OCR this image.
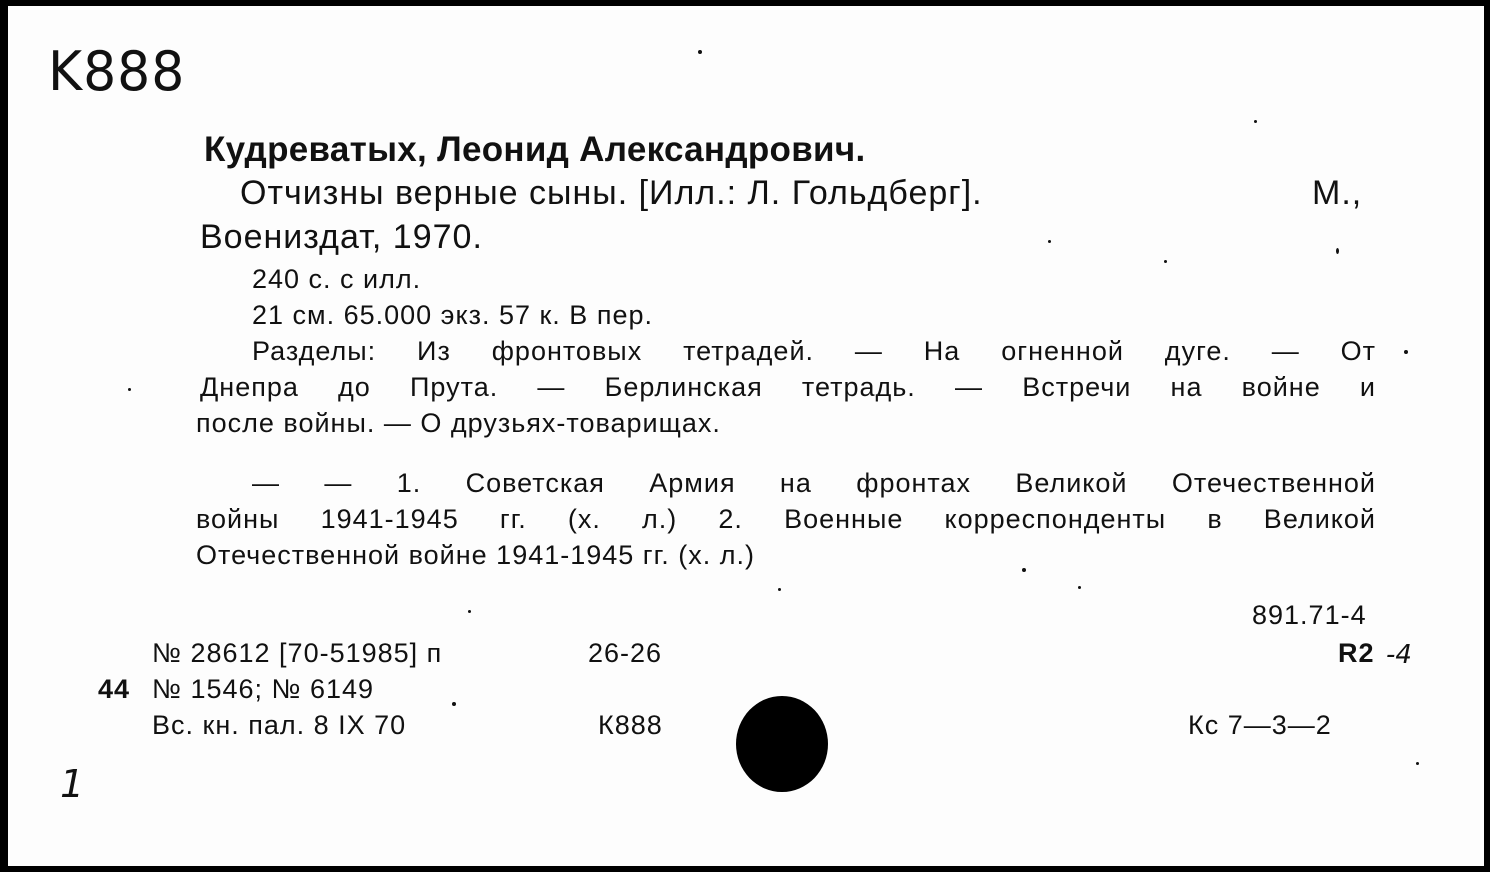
K888
Кудреватых, Леонид Александрович.
Отчизны верные сыны. [Илл.: Л. Гольдберг].	М.,
Воениздат, 1970.
240 с. с илл.
21 см. 65.000 экз. 57 к. В пер.
Разделы: Из фронтовых тетрадей. — На огненной дуге. — От
Днепра до Прута. — Берлинская тетрадь. — Встречи на войне и
после войны. — О друзьях-товарищах.
— — 1. Советская Армия на фронтах Великой Отечественной
войны 1941-1945 гг. (х. л.) 2. Военные корреспонденты в Великой
Отечественной войне 1941-1945 гг. (х. л.)
891.71-4
№ 28612 [70-51985] п	26-26	R2 -4
44 № 1546; № 6149
Вс. кн. пал. 8 IX 70	К888	Кс 7—3—2
1
